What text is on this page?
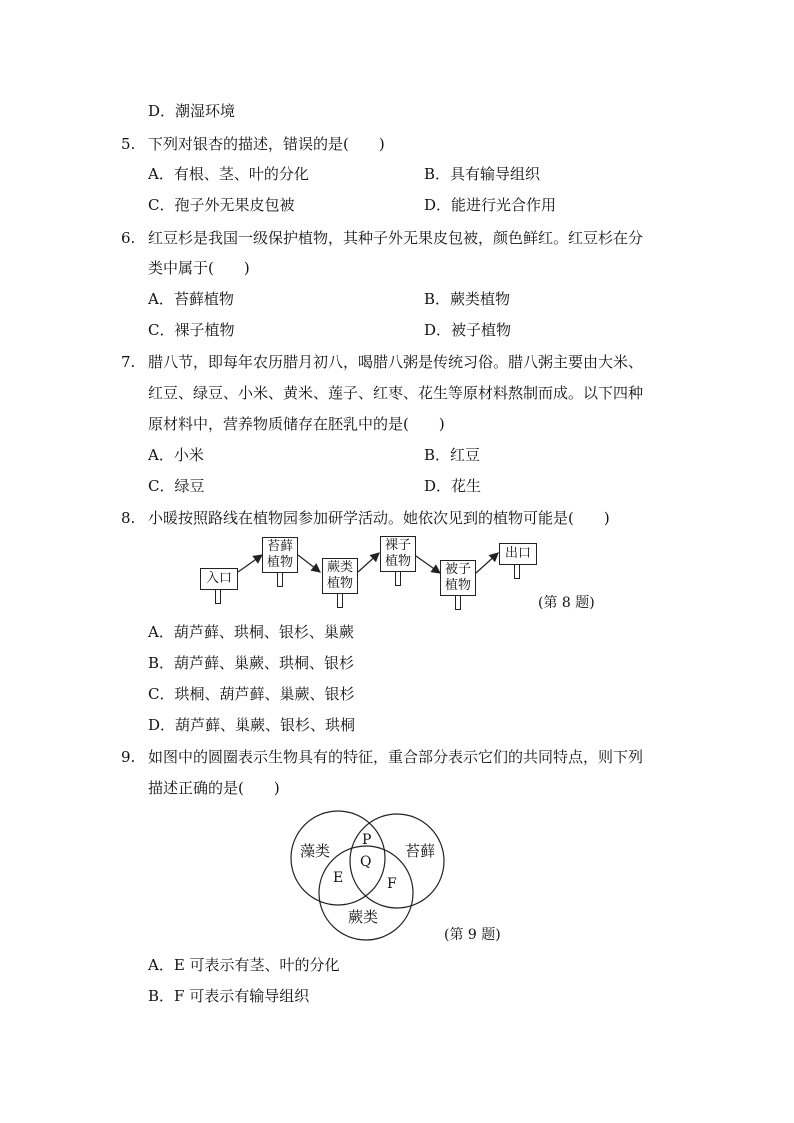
D．潮湿环境
5. 下列对银杏的描述，错误的是(　　)
A．有根、茎、叶的分化	B．具有输导组织
C．孢子外无果皮包被	D．能进行光合作用
6. 红豆杉是我国一级保护植物，其种子外无果皮包被，颜色鲜红。红豆杉在分
类中属于(　　)
A．苔藓植物	B．蕨类植物
C．裸子植物	D．被子植物
7. 腊八节，即每年农历腊月初八，喝腊八粥是传统习俗。腊八粥主要由大米、
红豆、绿豆、小米、黄米、莲子、红枣、花生等原材料熬制而成。以下四种
原材料中，营养物质储存在胚乳中的是(　　)
A．小米	B．红豆
C．绿豆	D．花生
8. 小暖按照路线在植物园参加研学活动。她依次见到的植物可能是(　　)
入口
苔藓
植物	蕨类
植物
裸子
植物
被子
植物
出口
(第 8 题)
A．葫芦藓、珙桐、银杉、巢蕨
B．葫芦藓、巢蕨、珙桐、银杉
C．珙桐、葫芦藓、巢蕨、银杉
D．葫芦藓、巢蕨、银杉、珙桐
9. 如图中的圆圈表示生物具有的特征，重合部分表示它们的共同特点，则下列
描述正确的是(　　)
藻类	苔藓
蕨类
P
Q
E	F
(第 9 题)
A．E 可表示有茎、叶的分化
B．F 可表示有输导组织
